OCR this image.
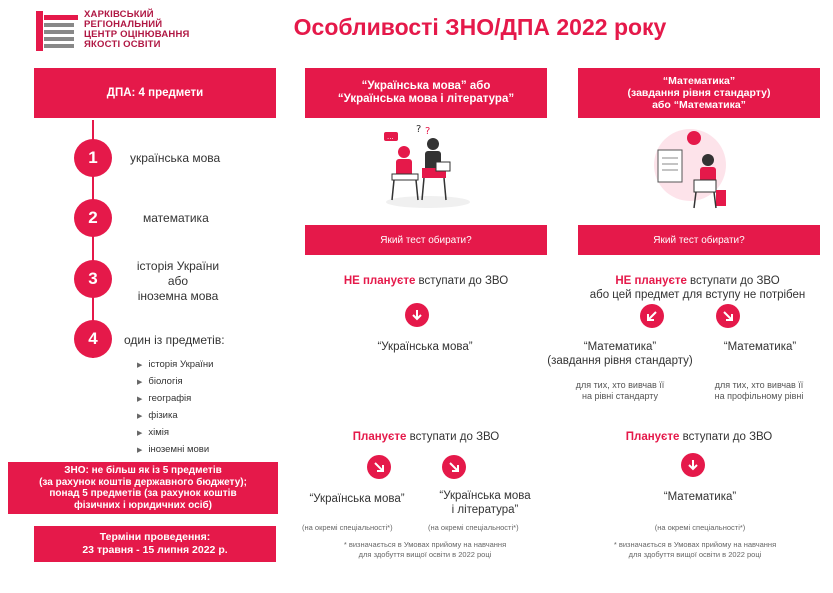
ХАРКІВСЬКИЙ
РЕГІОНАЛЬНИЙ
ЦЕНТР ОЦІНЮВАННЯ
ЯКОСТІ ОСВІТИ
Особливості ЗНО/ДПА 2022 року
ДПА: 4 предмети
1	українська мова
2	математика
3
історія України
або
іноземна мова
4	один із предметів:
▶ історія України
▶ біологія
▶ географія
▶ фізика
▶ хімія
▶ іноземні мови
ЗНО: не більш як із 5 предметів
(за рахунок коштів державного бюджету);
понад 5 предметів (за рахунок коштів
фізичних і юридичних осіб)
Терміни проведення:
23 травня - 15 липня 2022 р.
“Українська мова” або
“Українська мова і література”
...
? ?
Який тест обирати?
НЕ плануєте вступати до ЗВО
“Українська мова”
Плануєте вступати до ЗВО
“Українська мова”	“Українська мова
і література”
(на окремі спеціальності*)	(на окремі спеціальності*)
* визначається в Умовах прийому на навчання
для здобуття вищої освіти в 2022 році
“Математика”
(завдання рівня стандарту)
або “Математика”
Який тест обирати?
НЕ плануєте вступати до ЗВО
або цей предмет для вступу не потрібен
“Математика”
(завдання рівня стандарту)
“Математика”
для тих, хто вивчав її
на рівні стандарту
для тих, хто вивчав її
на профільному рівні
Плануєте вступати до ЗВО
“Математика”
(на окремі спеціальності*)
* визначається в Умовах прийому на навчання
для здобуття вищої освіти в 2022 році
